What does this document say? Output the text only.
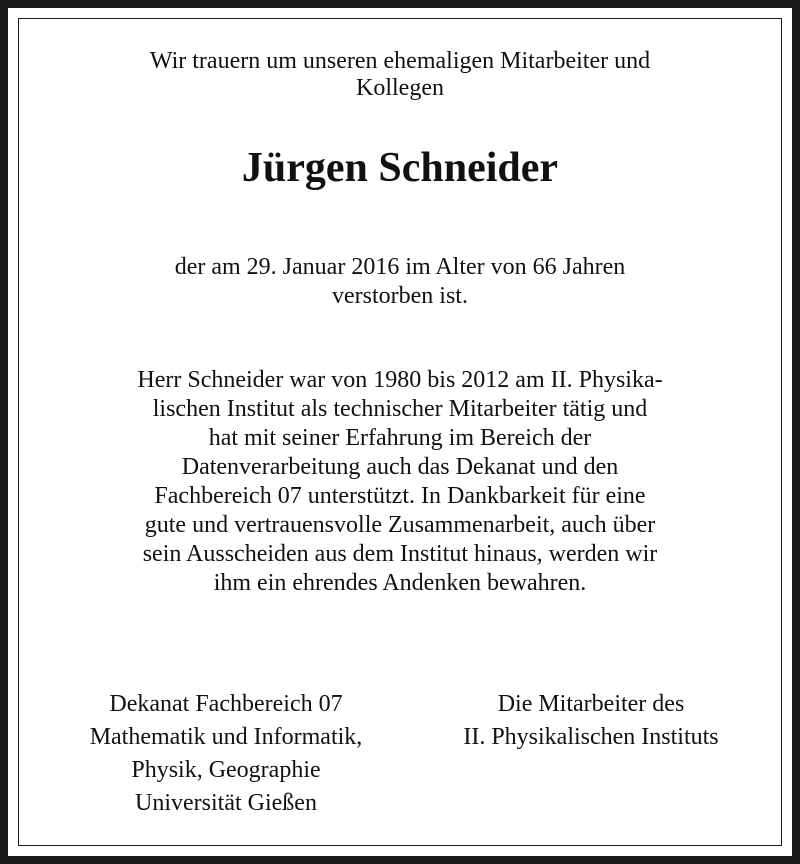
Wir trauern um unseren ehemaligen Mitarbeiter und
Kollegen
Jürgen Schneider
der am 29. Januar 2016 im Alter von 66 Jahren
verstorben ist.
Herr Schneider war von 1980 bis 2012 am II. Physika-
lischen Institut als technischer Mitarbeiter tätig und
hat mit seiner Erfahrung im Bereich der
Datenverarbeitung auch das Dekanat und den
Fachbereich 07 unterstützt. In Dankbarkeit für eine
gute und vertrauensvolle Zusammenarbeit, auch über
sein Ausscheiden aus dem Institut hinaus, werden wir
ihm ein ehrendes Andenken bewahren.
Dekanat Fachbereich 07
Mathematik und Informatik,
Physik, Geographie
Universität Gießen
Die Mitarbeiter des
II. Physikalischen Instituts
